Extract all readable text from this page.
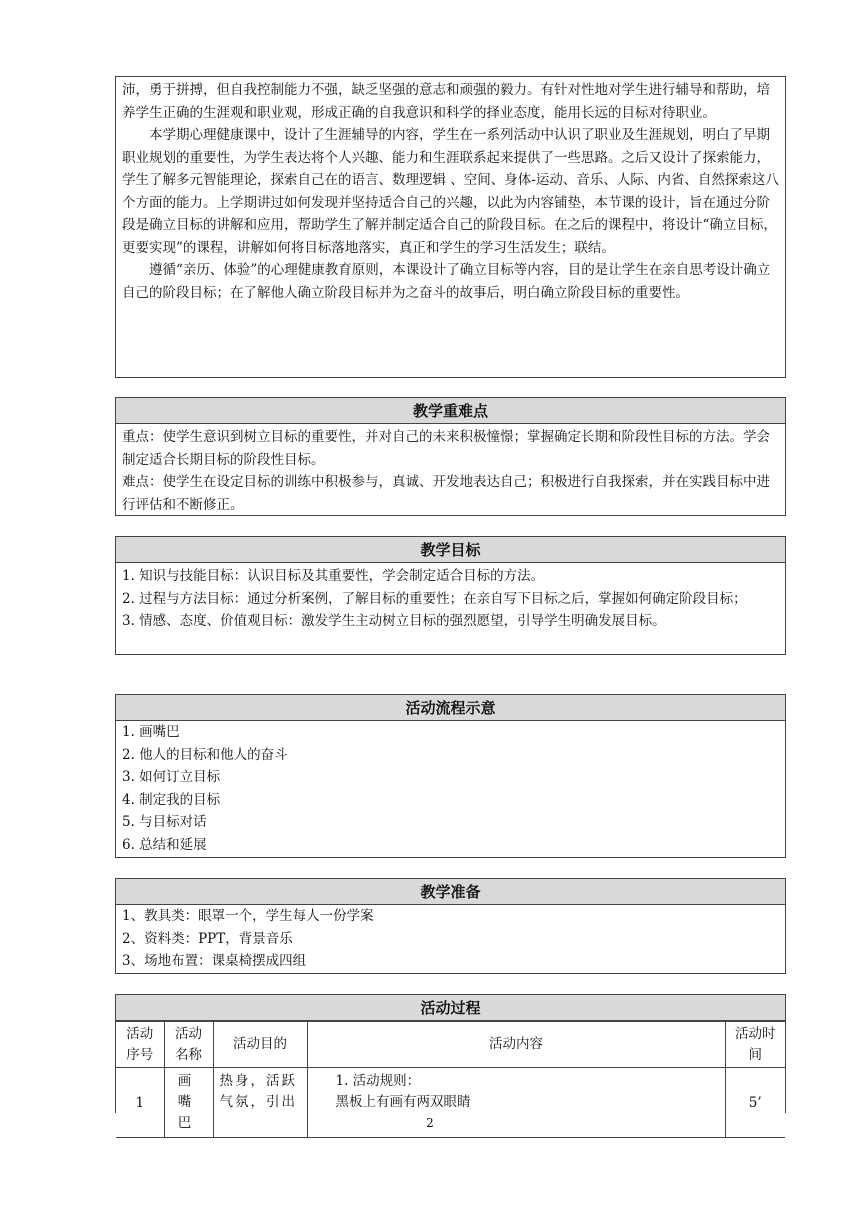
沛，勇于拼搏，但自我控制能力不强，缺乏坚强的意志和顽强的毅力。有针对性地对学生进行辅导和帮助，培养学生正确的生涯观和职业观，形成正确的自我意识和科学的择业态度，能用长远的目标对待职业。

本学期心理健康课中，设计了生涯辅导的内容，学生在一系列活动中认识了职业及生涯规划，明白了早期职业规划的重要性，为学生表达将个人兴趣、能力和生涯联系起来提供了一些思路。之后又设计了探索能力，学生了解多元智能理论，探索自己在的语言、数理逻辑 、空间、身体-运动、音乐、人际、内省、自然探索这八个方面的能力。上学期讲过如何发现并坚持适合自己的兴趣，以此为内容铺垫，本节课的设计，旨在通过分阶段是确立目标的讲解和应用，帮助学生了解并制定适合自己的阶段目标。在之后的课程中，将设计“确立目标，更要实现”的课程，讲解如何将目标落地落实，真正和学生的学习生活发生；联结。

遵循“亲历、体验”的心理健康教育原则，本课设计了确立目标等内容，目的是让学生在亲自思考设计确立自己的阶段目标；在了解他人确立阶段目标并为之奋斗的故事后，明白确立阶段目标的重要性。

教学重难点

重点：使学生意识到树立目标的重要性，并对自己的未来积极憧憬；掌握确定长期和阶段性目标的方法。学会制定适合长期目标的阶段性目标。

难点：使学生在设定目标的训练中积极参与，真诚、开发地表达自己；积极进行自我探索，并在实践目标中进行评估和不断修正。

教学目标

1. 知识与技能目标：认识目标及其重要性，学会制定适合目标的方法。

2. 过程与方法目标：通过分析案例，了解目标的重要性；在亲自写下目标之后，掌握如何确定阶段目标；

3. 情感、态度、价值观目标：激发学生主动树立目标的强烈愿望，引导学生明确发展目标。

活动流程示意
1. 画嘴巴
2. 他人的目标和他人的奋斗
3. 如何订立目标
4. 制定我的目标
5. 与目标对话
6. 总结和延展
教学准备
1、教具类：眼罩一个，学生每人一份学案
2、资料类：PPT，背景音乐
3、场地布置：课桌椅摆成四组
活动过程
活动序号	活动名称	活动目的	活动内容	活动时间
1	画嘴巴	热身，活跃气氛，引出	1. 活动规则：
黑板上有画有两双眼睛	5’
2
